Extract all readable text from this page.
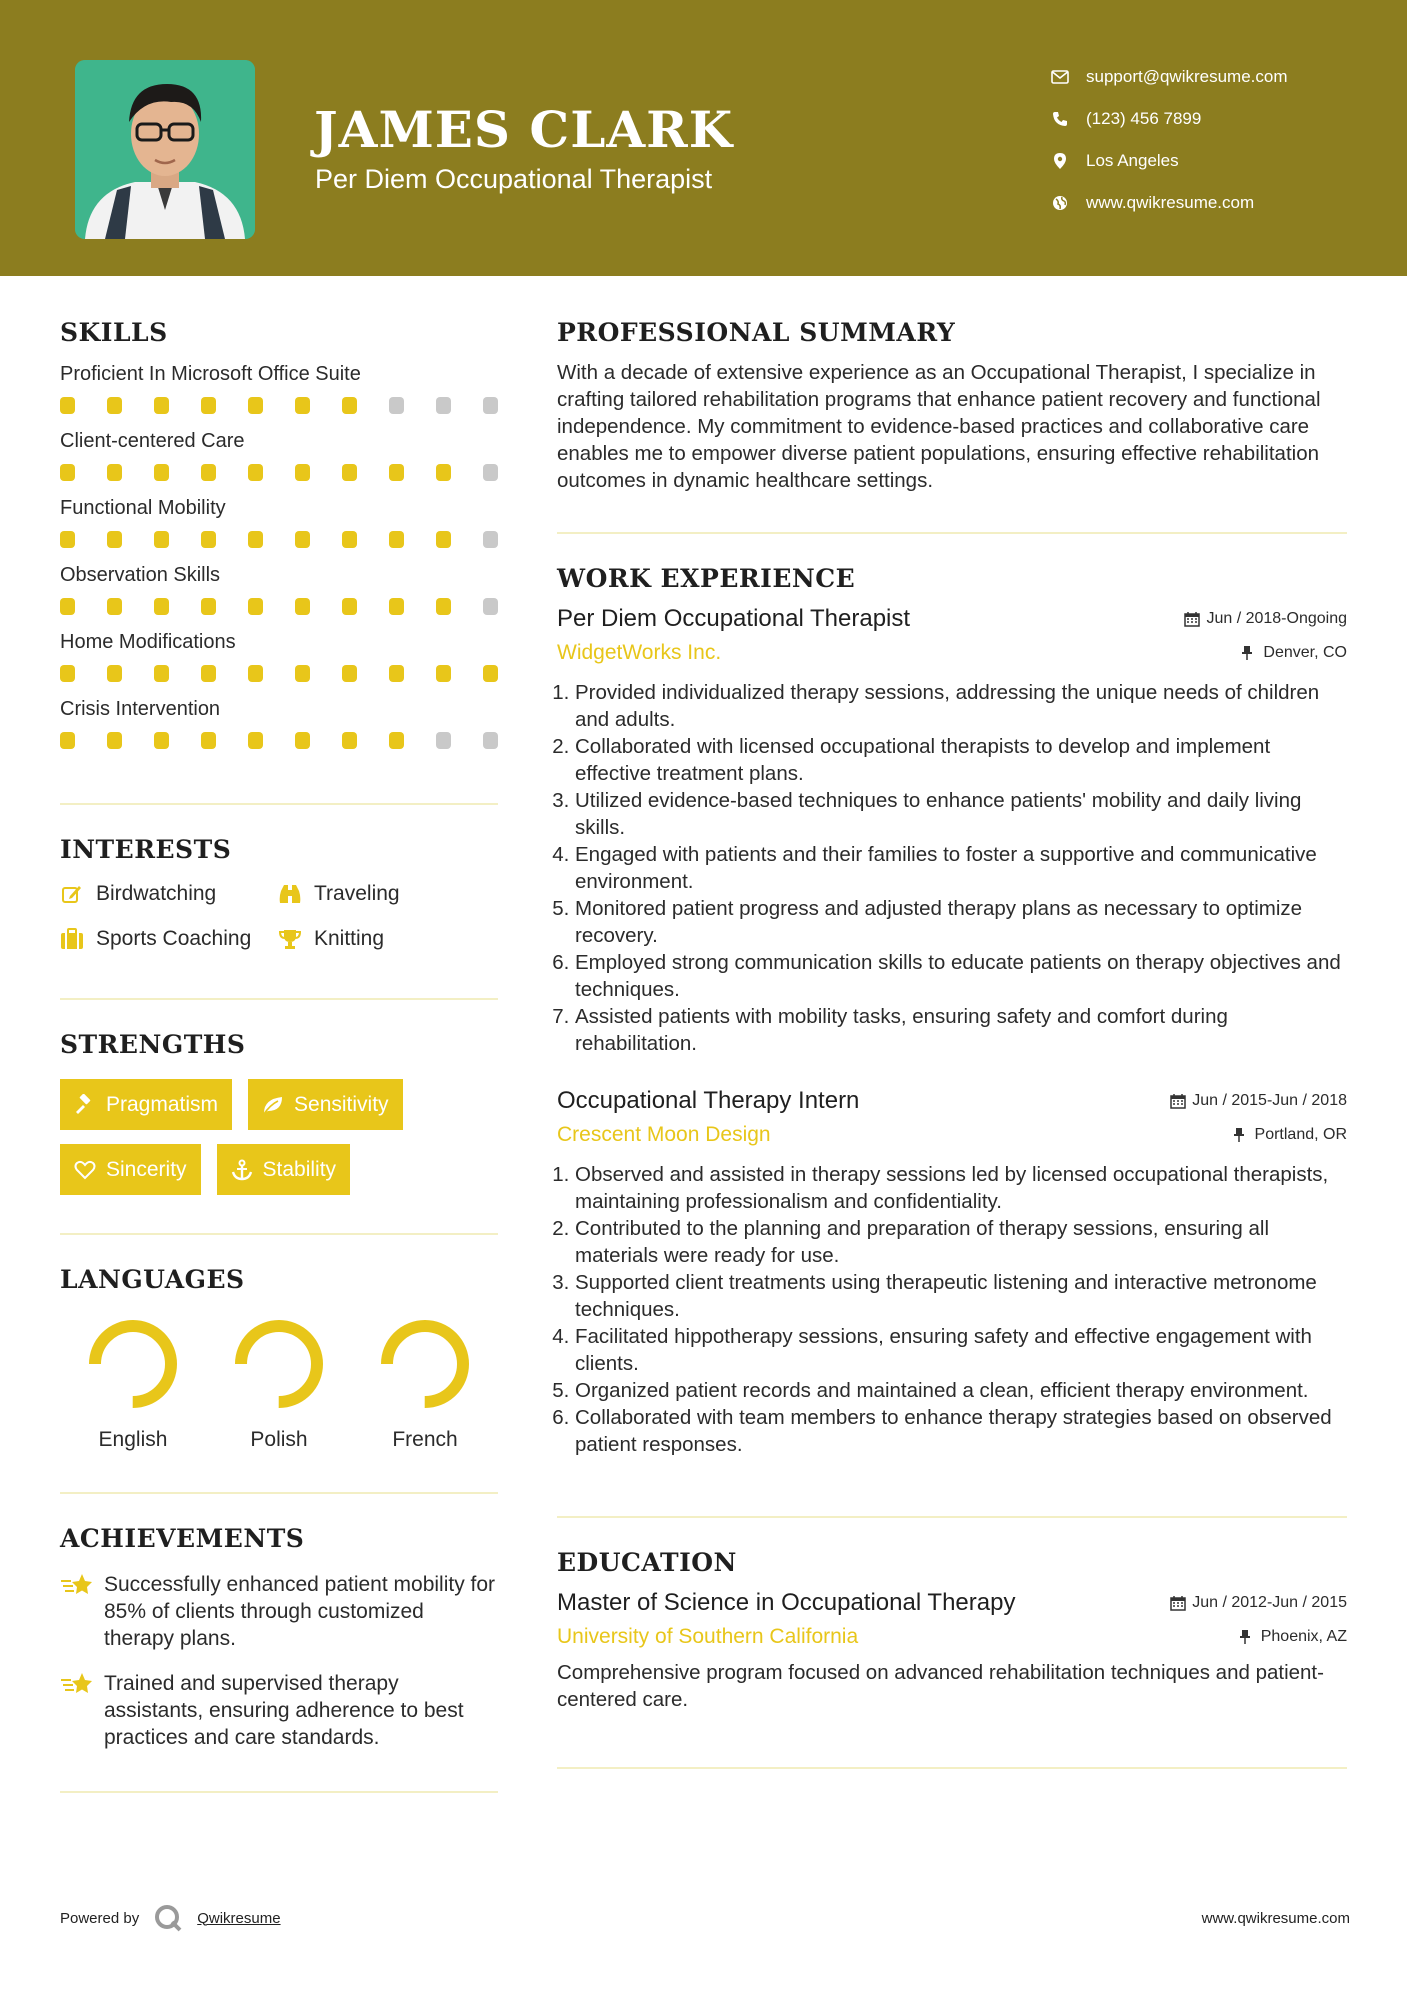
JAMES CLARK
Per Diem Occupational Therapist
support@qwikresume.com
(123) 456 7899
Los Angeles
www.qwikresume.com
SKILLS
Proficient In Microsoft Office Suite
Client-centered Care
Functional Mobility
Observation Skills
Home Modifications
Crisis Intervention
INTERESTS
Birdwatching	Traveling
Sports Coaching	Knitting
STRENGTHS
Pragmatism	Sensitivity
Sincerity	Stability
LANGUAGES
English	Polish	French
ACHIEVEMENTS
Successfully enhanced patient mobility for 85% of clients through customized therapy plans.
Trained and supervised therapy assistants, ensuring adherence to best practices and care standards.
PROFESSIONAL SUMMARY

With a decade of extensive experience as an Occupational Therapist, I specialize in crafting tailored rehabilitation programs that enhance patient recovery and functional independence. My commitment to evidence-based practices and collaborative care enables me to empower diverse patient populations, ensuring effective rehabilitation outcomes in dynamic healthcare settings.

WORK EXPERIENCE
Per Diem Occupational Therapist	Jun / 2018-Ongoing
WidgetWorks Inc.	Denver, CO
1. Provided individualized therapy sessions, addressing the unique needs of children and adults.
2. Collaborated with licensed occupational therapists to develop and implement effective treatment plans.
3. Utilized evidence-based techniques to enhance patients' mobility and daily living skills.
4. Engaged with patients and their families to foster a supportive and communicative environment.
5. Monitored patient progress and adjusted therapy plans as necessary to optimize recovery.
6. Employed strong communication skills to educate patients on therapy objectives and techniques.
7. Assisted patients with mobility tasks, ensuring safety and comfort during rehabilitation.
Occupational Therapy Intern	Jun / 2015-Jun / 2018
Crescent Moon Design	Portland, OR
1. Observed and assisted in therapy sessions led by licensed occupational therapists, maintaining professionalism and confidentiality.
2. Contributed to the planning and preparation of therapy sessions, ensuring all materials were ready for use.
3. Supported client treatments using therapeutic listening and interactive metronome techniques.
4. Facilitated hippotherapy sessions, ensuring safety and effective engagement with clients.
5. Organized patient records and maintained a clean, efficient therapy environment.
6. Collaborated with team members to enhance therapy strategies based on observed patient responses.
EDUCATION
Master of Science in Occupational Therapy	Jun / 2012-Jun / 2015
University of Southern California	Phoenix, AZ

Comprehensive program focused on advanced rehabilitation techniques and patient-centered care.

Powered by	Qwikresume	www.qwikresume.com
